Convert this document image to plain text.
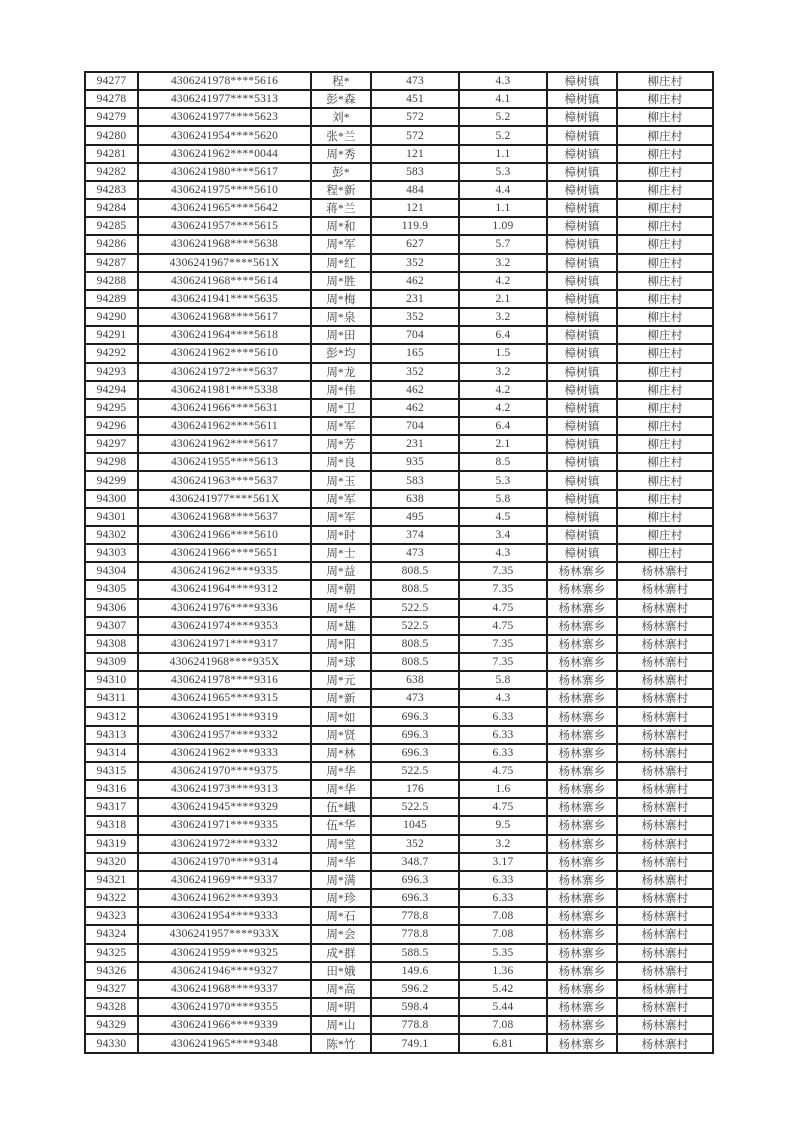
94277	4306241978****5616	程*	473	4.3	樟树镇	柳庄村
94278	4306241977****5313	彭*森	451	4.1	樟树镇	柳庄村
94279	4306241977****5623	刘*	572	5.2	樟树镇	柳庄村
94280	4306241954****5620	张*兰	572	5.2	樟树镇	柳庄村
94281	4306241962****0044	周*秀	121	1.1	樟树镇	柳庄村
94282	4306241980****5617	彭*	583	5.3	樟树镇	柳庄村
94283	4306241975****5610	程*新	484	4.4	樟树镇	柳庄村
94284	4306241965****5642	蒋*兰	121	1.1	樟树镇	柳庄村
94285	4306241957****5615	周*和	119.9	1.09	樟树镇	柳庄村
94286	4306241968****5638	周*军	627	5.7	樟树镇	柳庄村
94287	4306241967****561X	周*红	352	3.2	樟树镇	柳庄村
94288	4306241968****5614	周*胜	462	4.2	樟树镇	柳庄村
94289	4306241941****5635	周*梅	231	2.1	樟树镇	柳庄村
94290	4306241968****5617	周*泉	352	3.2	樟树镇	柳庄村
94291	4306241964****5618	周*田	704	6.4	樟树镇	柳庄村
94292	4306241962****5610	彭*均	165	1.5	樟树镇	柳庄村
94293	4306241972****5637	周*龙	352	3.2	樟树镇	柳庄村
94294	4306241981****5338	周*伟	462	4.2	樟树镇	柳庄村
94295	4306241966****5631	周*卫	462	4.2	樟树镇	柳庄村
94296	4306241962****5611	周*军	704	6.4	樟树镇	柳庄村
94297	4306241962****5617	周*芳	231	2.1	樟树镇	柳庄村
94298	4306241955****5613	周*良	935	8.5	樟树镇	柳庄村
94299	4306241963****5637	周*玉	583	5.3	樟树镇	柳庄村
94300	4306241977****561X	周*军	638	5.8	樟树镇	柳庄村
94301	4306241968****5637	周*军	495	4.5	樟树镇	柳庄村
94302	4306241966****5610	周*时	374	3.4	樟树镇	柳庄村
94303	4306241966****5651	周*士	473	4.3	樟树镇	柳庄村
94304	4306241962****9335	周*益	808.5	7.35	杨林寨乡	杨林寨村
94305	4306241964****9312	周*朝	808.5	7.35	杨林寨乡	杨林寨村
94306	4306241976****9336	周*华	522.5	4.75	杨林寨乡	杨林寨村
94307	4306241974****9353	周*雄	522.5	4.75	杨林寨乡	杨林寨村
94308	4306241971****9317	周*阳	808.5	7.35	杨林寨乡	杨林寨村
94309	4306241968****935X	周*球	808.5	7.35	杨林寨乡	杨林寨村
94310	4306241978****9316	周*元	638	5.8	杨林寨乡	杨林寨村
94311	4306241965****9315	周*新	473	4.3	杨林寨乡	杨林寨村
94312	4306241951****9319	周*如	696.3	6.33	杨林寨乡	杨林寨村
94313	4306241957****9332	周*贤	696.3	6.33	杨林寨乡	杨林寨村
94314	4306241962****9333	周*林	696.3	6.33	杨林寨乡	杨林寨村
94315	4306241970****9375	周*华	522.5	4.75	杨林寨乡	杨林寨村
94316	4306241973****9313	周*华	176	1.6	杨林寨乡	杨林寨村
94317	4306241945****9329	伍*峨	522.5	4.75	杨林寨乡	杨林寨村
94318	4306241971****9335	伍*华	1045	9.5	杨林寨乡	杨林寨村
94319	4306241972****9332	周*堂	352	3.2	杨林寨乡	杨林寨村
94320	4306241970****9314	周*华	348.7	3.17	杨林寨乡	杨林寨村
94321	4306241969****9337	周*满	696.3	6.33	杨林寨乡	杨林寨村
94322	4306241962****9393	周*珍	696.3	6.33	杨林寨乡	杨林寨村
94323	4306241954****9333	周*石	778.8	7.08	杨林寨乡	杨林寨村
94324	4306241957****933X	周*会	778.8	7.08	杨林寨乡	杨林寨村
94325	4306241959****9325	成*群	588.5	5.35	杨林寨乡	杨林寨村
94326	4306241946****9327	田*娥	149.6	1.36	杨林寨乡	杨林寨村
94327	4306241968****9337	周*高	596.2	5.42	杨林寨乡	杨林寨村
94328	4306241970****9355	周*明	598.4	5.44	杨林寨乡	杨林寨村
94329	4306241966****9339	周*山	778.8	7.08	杨林寨乡	杨林寨村
94330	4306241965****9348	陈*竹	749.1	6.81	杨林寨乡	杨林寨村
